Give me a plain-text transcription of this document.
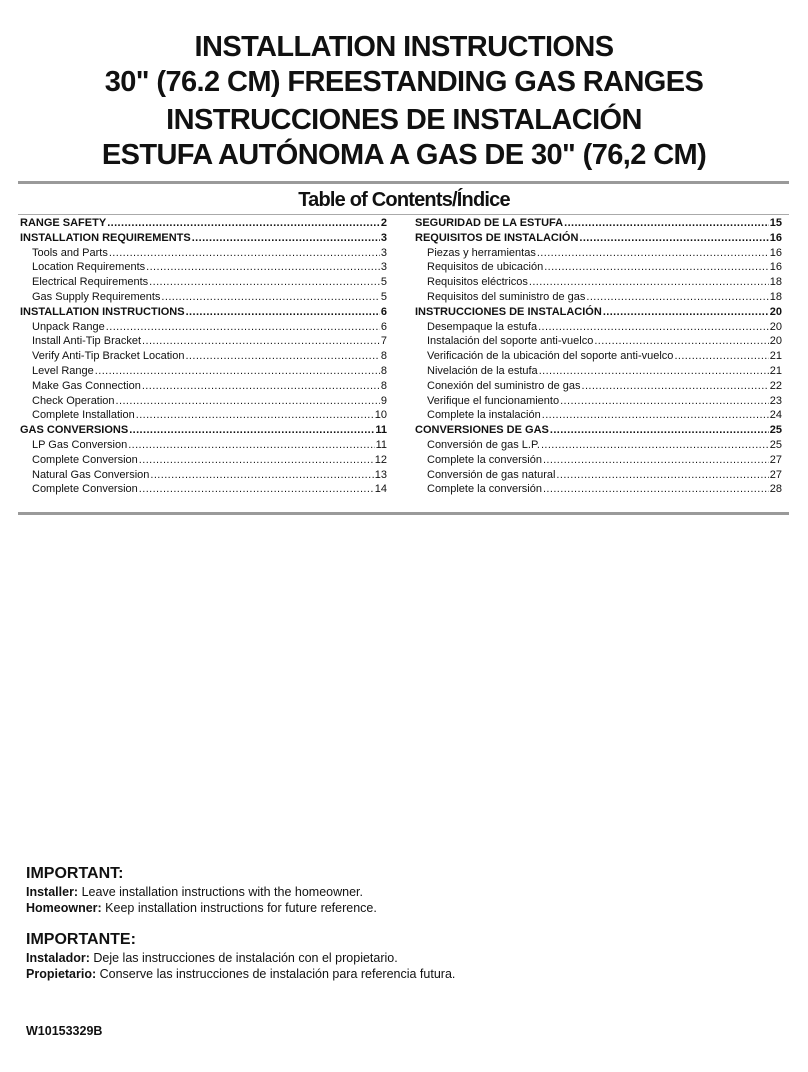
INSTALLATION INSTRUCTIONS
30" (76.2 CM) FREESTANDING GAS RANGES
INSTRUCCIONES DE INSTALACIÓN
ESTUFA AUTÓNOMA A GAS DE 30" (76,2 CM)
Table of Contents/Índice
RANGE SAFETY .....	2
INSTALLATION REQUIREMENTS .....	3
Tools and Parts .....	3
Location Requirements .....	3
Electrical Requirements .....	5
Gas Supply Requirements .....	5
INSTALLATION INSTRUCTIONS .....	6
Unpack Range .....	6
Install Anti-Tip Bracket .....	7
Verify Anti-Tip Bracket Location .....	8
Level Range .....	8
Make Gas Connection .....	8
Check Operation .....	9
Complete Installation .....	10
GAS CONVERSIONS .....	11
LP Gas Conversion .....	11
Complete Conversion .....	12
Natural Gas Conversion .....	13
Complete Conversion .....	14
SEGURIDAD DE LA ESTUFA .....	15
REQUISITOS DE INSTALACIÓN .....	16
Piezas y herramientas .....	16
Requisitos de ubicación .....	16
Requisitos eléctricos .....	18
Requisitos del suministro de gas .....	18
INSTRUCCIONES DE INSTALACIÓN .....	20
Desempaque la estufa .....	20
Instalación del soporte anti-vuelco .....	20
Verificación de la ubicación del soporte anti-vuelco .....	21
Nivelación de la estufa .....	21
Conexión del suministro de gas .....	22
Verifique el funcionamiento .....	23
Complete la instalación .....	24
CONVERSIONES DE GAS .....	25
Conversión de gas L.P. .....	25
Complete la conversión .....	27
Conversión de gas natural .....	27
Complete la conversión .....	28
IMPORTANT:
Installer: Leave installation instructions with the homeowner.
Homeowner: Keep installation instructions for future reference.
IMPORTANTE:
Instalador: Deje las instrucciones de instalación con el propietario.
Propietario: Conserve las instrucciones de instalación para referencia futura.
W10153329B
